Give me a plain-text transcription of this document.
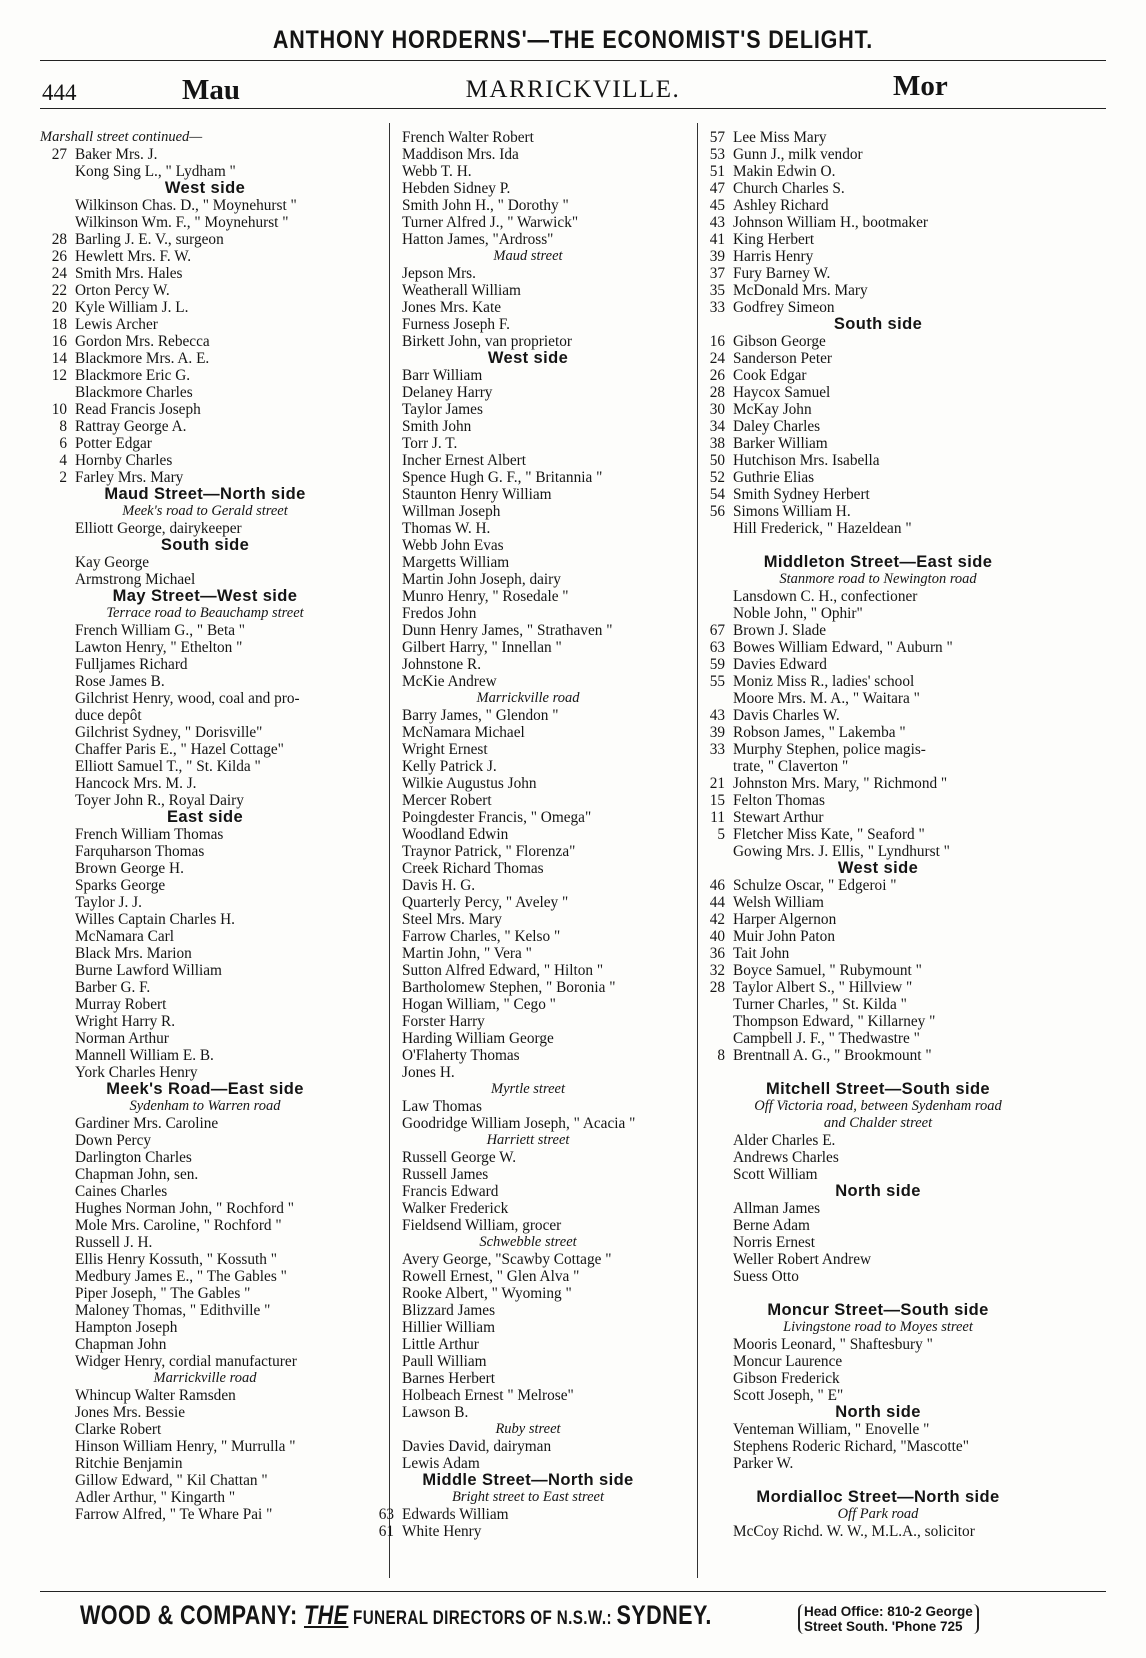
ANTHONY HORDERNS'—THE ECONOMIST'S DELIGHT.
444	Mau	MARRICKVILLE.	Mor
Marshall street continued—
27 Baker Mrs. J.
Kong Sing L., " Lydham "
West side
Wilkinson Chas. D., " Moynehurst "
Wilkinson Wm. F., " Moynehurst "
28 Barling J. E. V., surgeon
26 Hewlett Mrs. F. W.
24 Smith Mrs. Hales
22 Orton Percy W.
20 Kyle William J. L.
18 Lewis Archer
16 Gordon Mrs. Rebecca
14 Blackmore Mrs. A. E.
12 Blackmore Eric G.
Blackmore Charles
10 Read Francis Joseph
8 Rattray George A.
6 Potter Edgar
4 Hornby Charles
2 Farley Mrs. Mary
Maud Street—North side
Meek's road to Gerald street
Elliott George, dairykeeper
South side
Kay George
Armstrong Michael
May Street—West side
Terrace road to Beauchamp street
French William G., " Beta "
Lawton Henry, " Ethelton "
Fulljames Richard
Rose James B.
Gilchrist Henry, wood, coal and pro-
duce depôt
Gilchrist Sydney, " Dorisville"
Chaffer Paris E., " Hazel Cottage"
Elliott Samuel T., " St. Kilda "
Hancock Mrs. M. J.
Toyer John R., Royal Dairy
East side
French William Thomas
Farquharson Thomas
Brown George H.
Sparks George
Taylor J. J.
Willes Captain Charles H.
McNamara Carl
Black Mrs. Marion
Burne Lawford William
Barber G. F.
Murray Robert
Wright Harry R.
Norman Arthur
Mannell William E. B.
York Charles Henry
Meek's Road—East side
Sydenham to Warren road
Gardiner Mrs. Caroline
Down Percy
Darlington Charles
Chapman John, sen.
Caines Charles
Hughes Norman John, " Rochford "
Mole Mrs. Caroline, " Rochford "
Russell J. H.
Ellis Henry Kossuth, " Kossuth "
Medbury James E., " The Gables "
Piper Joseph, " The Gables "
Maloney Thomas, " Edithville "
Hampton Joseph
Chapman John
Widger Henry, cordial manufacturer
Marrickville road
Whincup Walter Ramsden
Jones Mrs. Bessie
Clarke Robert
Hinson William Henry, " Murrulla "
Ritchie Benjamin
Gillow Edward, " Kil Chattan "
Adler Arthur, " Kingarth "
Farrow Alfred, " Te Whare Pai "
French Walter Robert
Maddison Mrs. Ida
Webb T. H.
Hebden Sidney P.
Smith John H., " Dorothy "
Turner Alfred J., " Warwick"
Hatton James, "Ardross"
Maud street
Jepson Mrs.
Weatherall William
Jones Mrs. Kate
Furness Joseph F.
Birkett John, van proprietor
West side
Barr William
Delaney Harry
Taylor James
Smith John
Torr J. T.
Incher Ernest Albert
Spence Hugh G. F., " Britannia "
Staunton Henry William
Willman Joseph
Thomas W. H.
Webb John Evas
Margetts William
Martin John Joseph, dairy
Munro Henry, " Rosedale "
Fredos John
Dunn Henry James, " Strathaven "
Gilbert Harry, " Innellan "
Johnstone R.
McKie Andrew
Marrickville road
Barry James, " Glendon "
McNamara Michael
Wright Ernest
Kelly Patrick J.
Wilkie Augustus John
Mercer Robert
Poingdester Francis, " Omega"
Woodland Edwin
Traynor Patrick, " Florenza"
Creek Richard Thomas
Davis H. G.
Quarterly Percy, " Aveley "
Steel Mrs. Mary
Farrow Charles, " Kelso "
Martin John, " Vera "
Sutton Alfred Edward, " Hilton "
Bartholomew Stephen, " Boronia "
Hogan William, " Cego "
Forster Harry
Harding William George
O'Flaherty Thomas
Jones H.
Myrtle street
Law Thomas
Goodridge William Joseph, " Acacia "
Harriett street
Russell George W.
Russell James
Francis Edward
Walker Frederick
Fieldsend William, grocer
Schwebble street
Avery George, "Scawby Cottage "
Rowell Ernest, " Glen Alva "
Rooke Albert, " Wyoming "
Blizzard James
Hillier William
Little Arthur
Paull William
Barnes Herbert
Holbeach Ernest " Melrose"
Lawson B.
Ruby street
Davies David, dairyman
Lewis Adam
Middle Street—North side
Bright street to East street
63 Edwards William
61 White Henry
57 Lee Miss Mary
53 Gunn J., milk vendor
51 Makin Edwin O.
47 Church Charles S.
45 Ashley Richard
43 Johnson William H., bootmaker
41 King Herbert
39 Harris Henry
37 Fury Barney W.
35 McDonald Mrs. Mary
33 Godfrey Simeon
South side
16 Gibson George
24 Sanderson Peter
26 Cook Edgar
28 Haycox Samuel
30 McKay John
34 Daley Charles
38 Barker William
50 Hutchison Mrs. Isabella
52 Guthrie Elias
54 Smith Sydney Herbert
56 Simons William H.
Hill Frederick, " Hazeldean "
Middleton Street—East side
Stanmore road to Newington road
Lansdown C. H., confectioner
Noble John, " Ophir"
67 Brown J. Slade
63 Bowes William Edward, " Auburn "
59 Davies Edward
55 Moniz Miss R., ladies' school
Moore Mrs. M. A., " Waitara "
43 Davis Charles W.
39 Robson James, " Lakemba "
33 Murphy Stephen, police magis-
trate, " Claverton "
21 Johnston Mrs. Mary, " Richmond "
15 Felton Thomas
11 Stewart Arthur
5 Fletcher Miss Kate, " Seaford "
Gowing Mrs. J. Ellis, " Lyndhurst "
West side
46 Schulze Oscar, " Edgeroi "
44 Welsh William
42 Harper Algernon
40 Muir John Paton
36 Tait John
32 Boyce Samuel, " Rubymount "
28 Taylor Albert S., " Hillview "
Turner Charles, " St. Kilda "
Thompson Edward, " Killarney "
Campbell J. F., " Thedwastre "
8 Brentnall A. G., " Brookmount "
Mitchell Street—South side
Off Victoria road, between Sydenham road
and Chalder street
Alder Charles E.
Andrews Charles
Scott William
North side
Allman James
Berne Adam
Norris Ernest
Weller Robert Andrew
Suess Otto
Moncur Street—South side
Livingstone road to Moyes street
Mooris Leonard, " Shaftesbury "
Moncur Laurence
Gibson Frederick
Scott Joseph, " E"
North side
Venteman William, " Enovelle "
Stephens Roderic Richard, "Mascotte"
Parker W.
Mordialloc Street—North side
Off Park road
McCoy Richd. W. W., M.L.A., solicitor
WOOD & COMPANY: THE FUNERAL DIRECTORS OF N.S.W.: SYDNEY.	Head Office: 810-2 George
Street South. 'Phone 725
